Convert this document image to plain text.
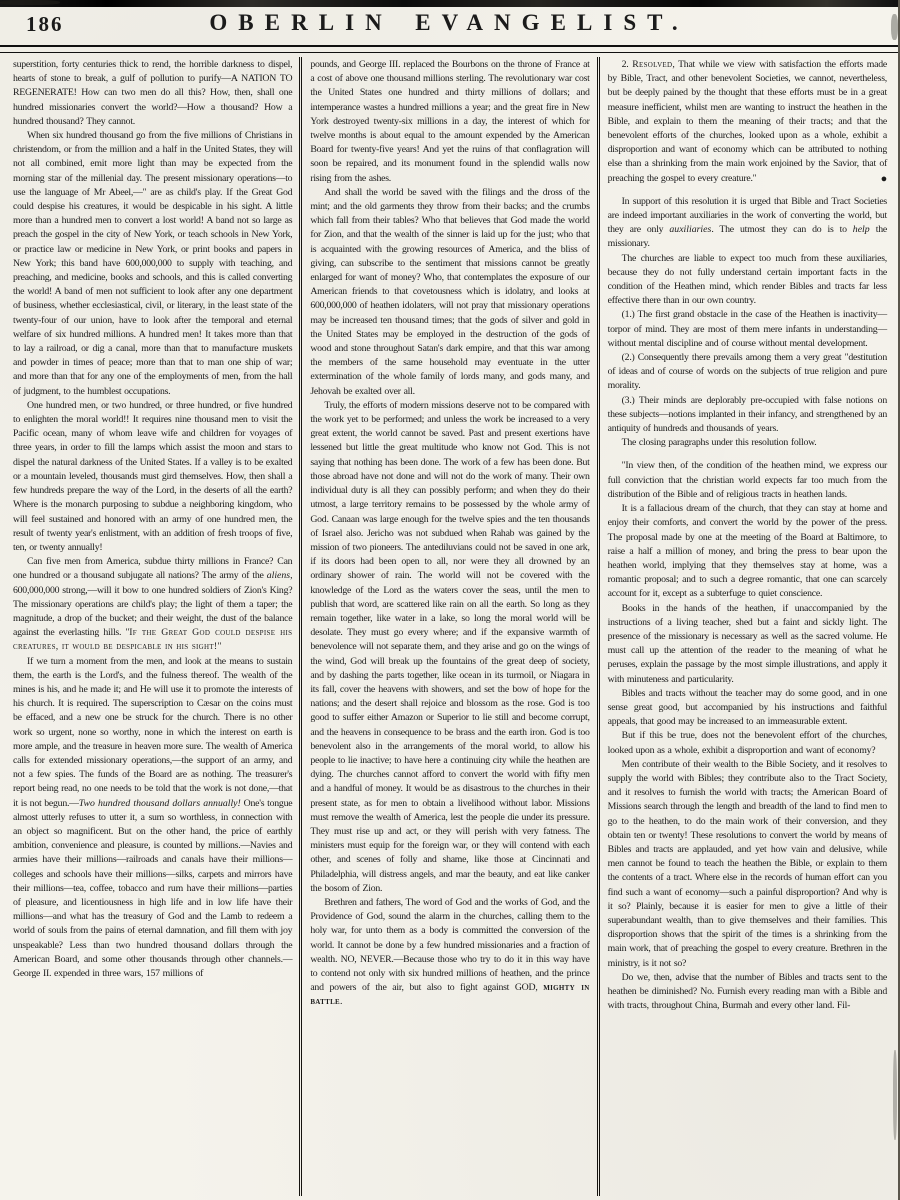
186	OBERLIN EVANGELIST.

superstition, forty centuries thick to rend, the horrible darkness to dispel, hearts of stone to break, a gulf of pollution to purify—A NATION TO REGENERATE! How can two men do all this? How, then, shall one hundred missionaries convert the world?—How a thousand? How a hundred thousand? They cannot.

When six hundred thousand go from the five millions of Christians in christendom, or from the million and a half in the United States, they will not all combined, emit more light than may be expected from the morning star of the millenial day. The present missionary operations—to use the language of Mr Abeel,—" are as child's play. If the Great God could despise his creatures, it would be despicable in his sight. A little more than a hundred men to convert a lost world! A band not so large as preach the gospel in the city of New York, or teach schools in New York, or practice law or medicine in New York, or print books and papers in New York; this band have 600,000,000 to supply with teaching, and preaching, and medicine, books and schools, and this is called converting the world! A band of men not sufficient to look after any one department of business, whether ecclesiastical, civil, or literary, in the least state of the twenty-four of our union, have to look after the temporal and eternal welfare of six hundred millions. A hundred men! It takes more than that to lay a railroad, or dig a canal, more than that to manufacture muskets and powder in times of peace; more than that to man one ship of war; and more than that for any one of the employments of men, from the hall of judgment, to the humblest occupations.

One hundred men, or two hundred, or three hundred, or five hundred to enlighten the moral world!! It requires nine thousand men to visit the Pacific ocean, many of whom leave wife and children for voyages of three years, in order to fill the lamps which assist the moon and stars to dispel the natural darkness of the United States. If a valley is to be exalted or a mountain leveled, thousands must gird themselves. How, then shall a few hundreds prepare the way of the Lord, in the deserts of all the earth? Where is the monarch purposing to subdue a neighboring kingdom, who will feel sustained and honored with an army of one hundred men, the result of twenty year's enlistment, with an addition of fresh troops of five, ten, or twenty annually!

Can five men from America, subdue thirty millions in France? Can one hundred or a thousand subjugate all nations? The army of the aliens, 600,000,000 strong,—will it bow to one hundred soldiers of Zion's King? The missionary operations are child's play; the light of them a taper; the magnitude, a drop of the bucket; and their weight, the dust of the balance against the everlasting hills. "If the Great God could despise his creatures, it would be despicable in his sight!"

If we turn a moment from the men, and look at the means to sustain them, the earth is the Lord's, and the fulness thereof. The wealth of the mines is his, and he made it; and He will use it to promote the interests of his church. It is required. The superscription to Cæsar on the coins must be effaced, and a new one be struck for the church. There is no other work so urgent, none so worthy, none in which the interest on earth is more ample, and the treasure in heaven more sure. The wealth of America calls for extended missionary operations,—the support of an army, and not a few spies. The funds of the Board are as nothing. The treasurer's report being read, no one needs to be told that the work is not done,—that it is not begun.—Two hundred thousand dollars annually! One's tongue almost utterly refuses to utter it, a sum so worthless, in connection with an object so magnificent. But on the other hand, the price of earthly ambition, convenience and pleasure, is counted by millions.—Navies and armies have their millions—railroads and canals have their millions—colleges and schools have their millions—silks, carpets and mirrors have their millions—tea, coffee, tobacco and rum have their millions—parties of pleasure, and licentiousness in high life and in low life have their millions—and what has the treasury of God and the Lamb to redeem a world of souls from the pains of eternal damnation, and fill them with joy unspeakable? Less than two hundred thousand dollars through the American Board, and some other thousands through other channels.—George II. expended in three wars, 157 millions of

pounds, and George III. replaced the Bourbons on the throne of France at a cost of above one thousand millions sterling. The revolutionary war cost the United States one hundred and thirty millions of dollars; and intemperance wastes a hundred millions a year; and the great fire in New York destroyed twenty-six millions in a day, the interest of which for twelve months is about equal to the amount expended by the American Board for twenty-five years! And yet the ruins of that conflagration will soon be repaired, and its monument found in the splendid walls now rising from the ashes.

And shall the world be saved with the filings and the dross of the mint; and the old garments they throw from their backs; and the crumbs which fall from their tables? Who that believes that God made the world for Zion, and that the wealth of the sinner is laid up for the just; who that is acquainted with the growing resources of America, and the bliss of giving, can subscribe to the sentiment that missions cannot be greatly enlarged for want of money? Who, that contemplates the exposure of our American friends to that covetousness which is idolatry, and looks at 600,000,000 of heathen idolaters, will not pray that missionary operations may be increased ten thousand times; that the gods of silver and gold in the United States may be employed in the destruction of the gods of wood and stone throughout Satan's dark empire, and that this war among the members of the same household may eventuate in the utter extermination of the whole family of lords many, and gods many, and Jehovah be exalted over all.

Truly, the efforts of modern missions deserve not to be compared with the work yet to be performed; and unless the work be increased to a very great extent, the world cannot be saved. Past and present exertions have lessened but little the great multitude who know not God. This is not saying that nothing has been done. The work of a few has been done. But those abroad have not done and will not do the work of many. Their own individual duty is all they can possibly perform; and when they do their utmost, a large territory remains to be possessed by the whole army of God. Canaan was large enough for the twelve spies and the ten thousands of Israel also. Jericho was not subdued when Rahab was gained by the mission of two pioneers. The antediluvians could not be saved in one ark, if its doors had been open to all, nor were they all drowned by an ordinary shower of rain. The world will not be covered with the knowledge of the Lord as the waters cover the seas, until the men to publish that word, are scattered like rain on all the earth. So long as they remain together, like water in a lake, so long the moral world will be desolate. They must go every where; and if the expansive warmth of benevolence will not separate them, and they arise and go on the wings of the wind, God will break up the fountains of the great deep of society, and by dashing the parts together, like ocean in its turmoil, or Niagara in its fall, cover the heavens with showers, and set the bow of hope for the nations; and the desert shall rejoice and blossom as the rose. God is too good to suffer either Amazon or Superior to lie still and become corrupt, and the heavens in consequence to be brass and the earth iron. God is too benevolent also in the arrangements of the moral world, to allow his people to lie inactive; to have here a continuing city while the heathen are dying. The churches cannot afford to convert the world with fifty men and a handful of money. It would be as disastrous to the churches in their present state, as for men to obtain a livelihood without labor. Missions must remove the wealth of America, lest the people die under its pressure. They must rise up and act, or they will perish with very fatness. The ministers must equip for the foreign war, or they will contend with each other, and scenes of folly and shame, like those at Cincinnati and Philadelphia, will distress angels, and mar the beauty, and eat like canker the bosom of Zion.

Brethren and fathers, The word of God and the works of God, and the Providence of God, sound the alarm in the churches, calling them to the holy war, for unto them as a body is committed the conversion of the world. It cannot be done by a few hundred missionaries and a fraction of wealth. NO, NEVER.—Because those who try to do it in this way have to contend not only with six hundred millions of heathen, and the prince and powers of the air, but also to fight against GOD, mighty in battle.

2. Resolved, That while we view with satisfaction the efforts made by Bible, Tract, and other benevolent Societies, we cannot, nevertheless, but be deeply pained by the thought that these efforts must be in a great measure inefficient, whilst men are wanting to instruct the heathen in the Bible, and explain to them the meaning of their tracts; and that the benevolent efforts of the churches, looked upon as a whole, exhibit a disproportion and want of economy which can be attributed to nothing else than a shrinking from the main work enjoined by the Savior, that of preaching the gospel to every creature."	●

In support of this resolution it is urged that Bible and Tract Societies are indeed important auxiliaries in the work of converting the world, but they are only auxiliaries. The utmost they can do is to help the missionary.

The churches are liable to expect too much from these auxiliaries, because they do not fully understand certain important facts in the condition of the Heathen mind, which render Bibles and tracts far less effective there than in our own country.

(1.) The first grand obstacle in the case of the Heathen is inactivity—torpor of mind. They are most of them mere infants in understanding—without mental discipline and of course without mental development.

(2.) Consequently there prevails among them a very great "destitution of ideas and of course of words on the subjects of true religion and pure morality.

(3.) Their minds are deplorably pre-occupied with false notions on these subjects—notions implanted in their infancy, and strengthened by an antiquity of hundreds and thousands of years.

The closing paragraphs under this resolution follow.

"In view then, of the condition of the heathen mind, we express our full conviction that the christian world expects far too much from the distribution of the Bible and of religious tracts in heathen lands.

It is a fallacious dream of the church, that they can stay at home and enjoy their comforts, and convert the world by the power of the press. The proposal made by one at the meeting of the Board at Baltimore, to raise a half a million of money, and bring the press to bear upon the heathen world, implying that they themselves stay at home, was a romantic proposal; and to such a degree romantic, that one can scarcely account for it, except as a subterfuge to quiet conscience.

Books in the hands of the heathen, if unaccompanied by the instructions of a living teacher, shed but a faint and sickly light. The presence of the missionary is necessary as well as the sacred volume. He must call up the attention of the reader to the meaning of what he peruses, explain the passage by the most simple illustrations, and apply it with minuteness and particularity.

Bibles and tracts without the teacher may do some good, and in one sense great good, but accompanied by his instructions and faithful appeals, that good may be increased to an immeasurable extent.

But if this be true, does not the benevolent effort of the churches, looked upon as a whole, exhibit a disproportion and want of economy?

Men contribute of their wealth to the Bible Society, and it resolves to supply the world with Bibles; they contribute also to the Tract Society, and it resolves to furnish the world with tracts; the American Board of Missions search through the length and breadth of the land to find men to go to the heathen, to do the main work of their conversion, and they obtain ten or twenty! These resolutions to convert the world by means of Bibles and tracts are applauded, and yet how vain and delusive, while men cannot be found to teach the heathen the Bible, or explain to them the contents of a tract. Where else in the records of human effort can you find such a want of economy—such a painful disproportion? And why is it so? Plainly, because it is easier for men to give a little of their superabundant wealth, than to give themselves and their families. This disproportion shows that the spirit of the times is a shrinking from the main work, that of preaching the gospel to every creature. Brethren in the ministry, is it not so?

Do we, then, advise that the number of Bibles and tracts sent to the heathen be diminished? No. Furnish every reading man with a Bible and with tracts, throughout China, Burmah and every other land. Fil-
